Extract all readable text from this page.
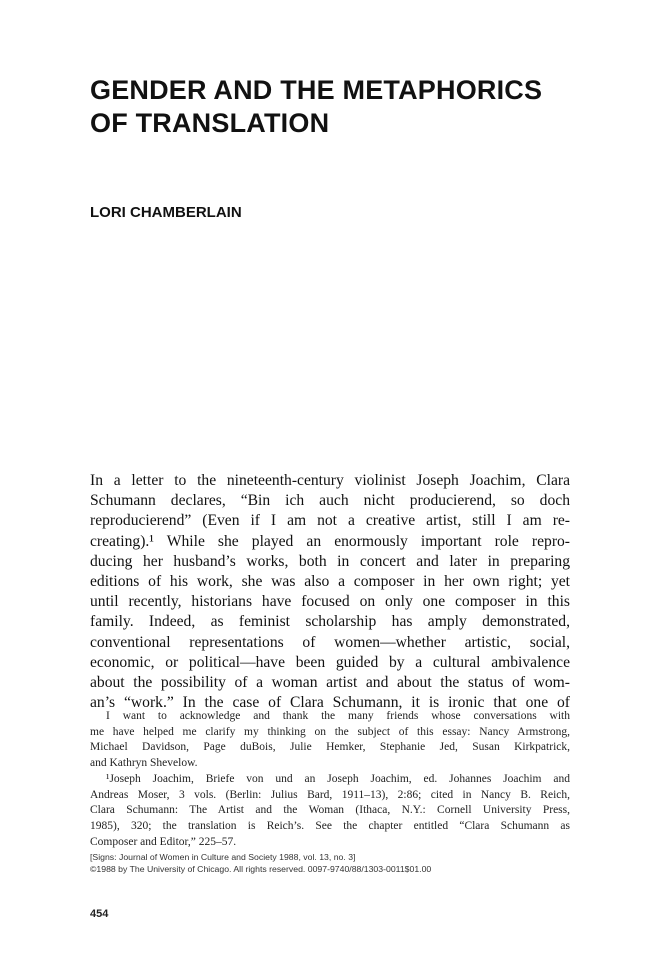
GENDER AND THE METAPHORICS
OF TRANSLATION
LORI CHAMBERLAIN
In a letter to the nineteenth-century violinist Joseph Joachim, Clara
Schumann declares, “Bin ich auch nicht producierend, so doch
reproducierend” (Even if I am not a creative artist, still I am re-
creating).¹ While she played an enormously important role repro-
ducing her husband’s works, both in concert and later in preparing
editions of his work, she was also a composer in her own right; yet
until recently, historians have focused on only one composer in this
family. Indeed, as feminist scholarship has amply demonstrated,
conventional representations of women—whether artistic, social,
economic, or political—have been guided by a cultural ambivalence
about the possibility of a woman artist and about the status of wom-
an’s “work.” In the case of Clara Schumann, it is ironic that one of
I want to acknowledge and thank the many friends whose conversations with
me have helped me clarify my thinking on the subject of this essay: Nancy Armstrong,
Michael Davidson, Page duBois, Julie Hemker, Stephanie Jed, Susan Kirkpatrick,
and Kathryn Shevelow.
¹Joseph Joachim, Briefe von und an Joseph Joachim, ed. Johannes Joachim and
Andreas Moser, 3 vols. (Berlin: Julius Bard, 1911–13), 2:86; cited in Nancy B. Reich,
Clara Schumann: The Artist and the Woman (Ithaca, N.Y.: Cornell University Press,
1985), 320; the translation is Reich’s. See the chapter entitled “Clara Schumann as
Composer and Editor,” 225–57.
[Signs: Journal of Women in Culture and Society 1988, vol. 13, no. 3]
©1988 by The University of Chicago. All rights reserved. 0097-9740/88/1303-0011$01.00
454
